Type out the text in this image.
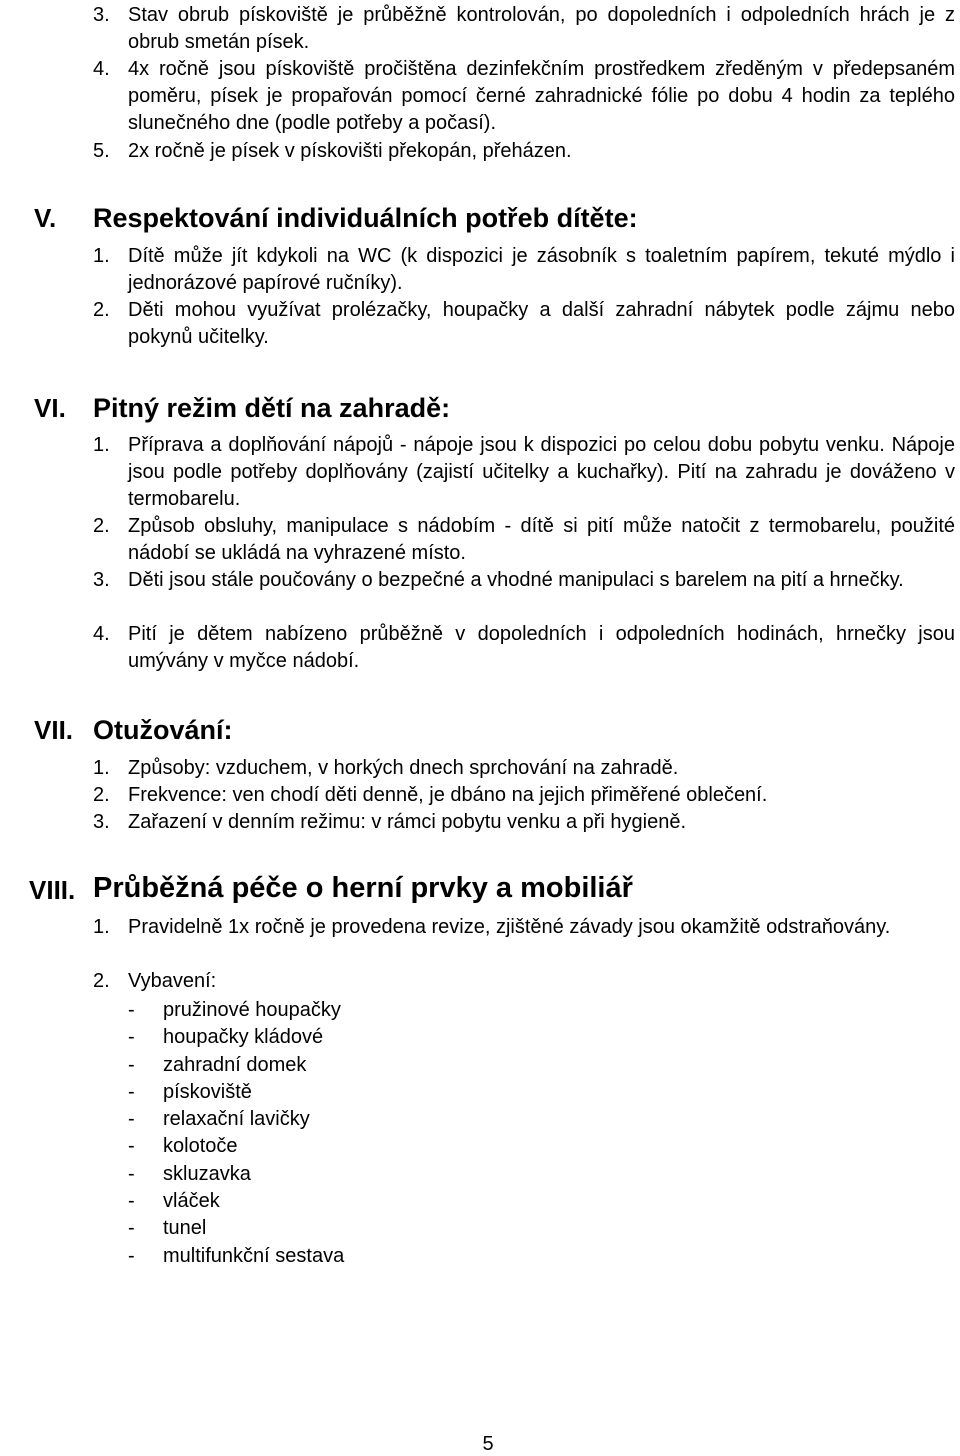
3. Stav obrub pískoviště je průběžně kontrolován, po dopoledních i odpoledních hrách je z obrub smetán písek.
4. 4x ročně jsou pískoviště pročištěna dezinfekčním prostředkem zředěným v předepsaném poměru, písek je propařován pomocí černé zahradnické fólie po dobu 4 hodin za teplého slunečného dne (podle potřeby a počasí).
5. 2x ročně je písek v pískovišti překopán, přeházen.
V. Respektování individuálních potřeb dítěte:
1. Dítě může jít kdykoli na WC (k dispozici je zásobník s toaletním papírem, tekuté mýdlo i jednorázové papírové ručníky).
2. Děti mohou využívat prolézačky, houpačky a další zahradní nábytek podle zájmu nebo pokynů učitelky.
VI. Pitný režim dětí na zahradě:
1. Příprava a doplňování nápojů - nápoje jsou k dispozici po celou dobu pobytu venku. Nápoje jsou podle potřeby doplňovány (zajistí učitelky a kuchařky). Pití na zahradu je dováženo v termobarelu.
2. Způsob obsluhy, manipulace s nádobím - dítě si pití může natočit z termobarelu, použité nádobí se ukládá na vyhrazené místo.
3. Děti jsou stále poučovány o bezpečné a vhodné manipulaci s barelem na pití a hrnečky.
4. Pití je dětem nabízeno průběžně v dopoledních i odpoledních hodinách, hrnečky jsou umývány v myčce nádobí.
VII. Otužování:
1. Způsoby: vzduchem, v horkých dnech sprchování na zahradě.
2. Frekvence: ven chodí děti denně, je dbáno na jejich přiměřené oblečení.
3. Zařazení v denním režimu: v rámci pobytu venku a při hygieně.
VIII. Průběžná péče o herní prvky a mobiliář
1. Pravidelně 1x ročně je provedena revize, zjištěné závady jsou okamžitě odstraňovány.
2. Vybavení:
- pružinové houpačky
- houpačky kládové
- zahradní domek
- pískoviště
- relaxační lavičky
- kolotoče
- skluzavka
- vláček
- tunel
- multifunkční sestava
5
